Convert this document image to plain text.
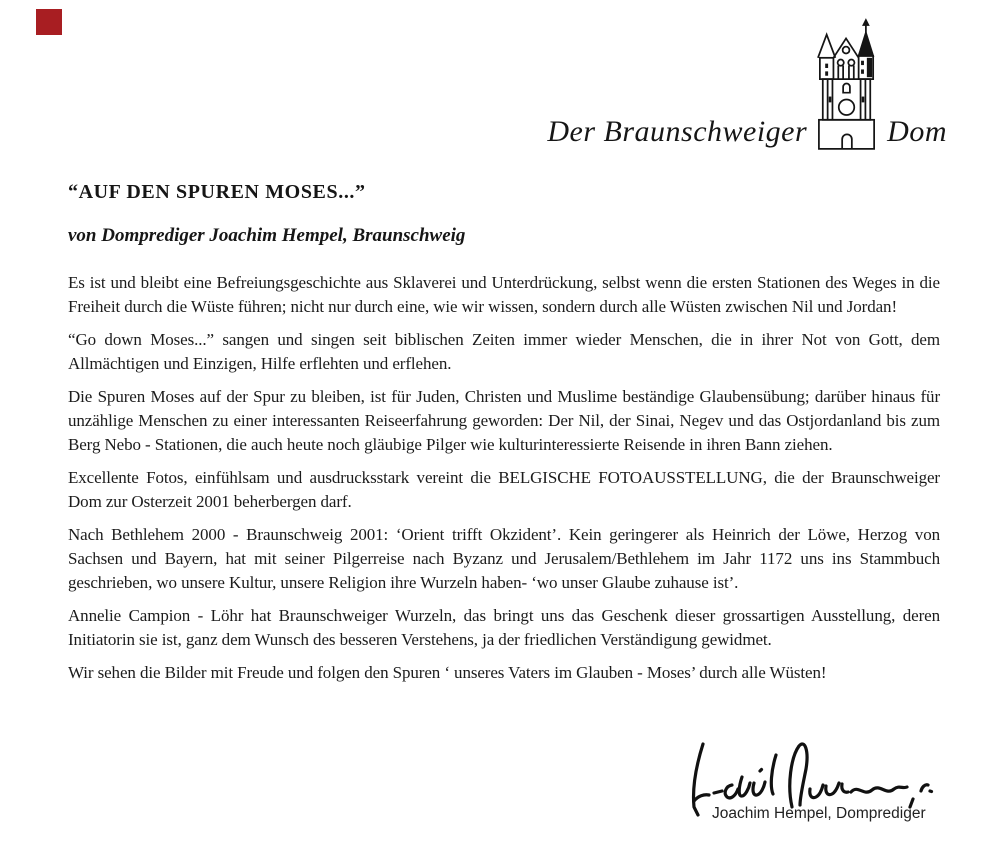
Der Braunschweiger	Dom
“AUF DEN SPUREN MOSES...”
von Domprediger Joachim Hempel, Braunschweig

Es ist und bleibt eine Befreiungsgeschichte aus Sklaverei und Unterdrückung, selbst wenn die ersten Stationen des Weges in die Freiheit durch die Wüste führen; nicht nur durch eine, wie wir wissen, sondern durch alle Wüsten zwischen Nil und Jordan!

“Go down Moses...” sangen und singen seit biblischen Zeiten immer wieder Menschen, die in ihrer Not von Gott, dem Allmächtigen und Einzigen, Hilfe erflehten und erflehen.

Die Spuren Moses auf der Spur zu bleiben, ist für Juden, Christen und Muslime beständige Glaubensübung; darüber hinaus für unzählige Menschen zu einer interessanten Reiseerfahrung geworden: Der Nil, der Sinai, Negev und das Ostjordanland bis zum Berg Nebo - Stationen, die auch heute noch gläubige Pilger wie kulturinteressierte Reisende in ihren Bann ziehen.

Excellente Fotos, einfühlsam und ausdrucksstark vereint die BELGISCHE FOTOAUSSTELLUNG, die der Braunschweiger Dom zur Osterzeit 2001 beherbergen darf.

Nach Bethlehem 2000 - Braunschweig 2001: ‘Orient trifft Okzident’. Kein geringerer als Heinrich der Löwe, Herzog von Sachsen und Bayern, hat mit seiner Pilgerreise nach Byzanz und Jerusalem/Bethlehem im Jahr 1172 uns ins Stammbuch geschrieben, wo unsere Kultur, unsere Religion ihre Wurzeln haben- ‘wo unser Glaube zuhause ist’.

Annelie Campion - Löhr hat Braunschweiger Wurzeln, das bringt uns das Geschenk dieser grossartigen Ausstellung, deren Initiatorin sie ist, ganz dem Wunsch des besseren Verstehens, ja der friedlichen Verständigung gewidmet.

Wir sehen die Bilder mit Freude und folgen den Spuren ‘ unseres Vaters im Glauben - Moses’ durch alle Wüsten!

Joachim Hempel, Domprediger
